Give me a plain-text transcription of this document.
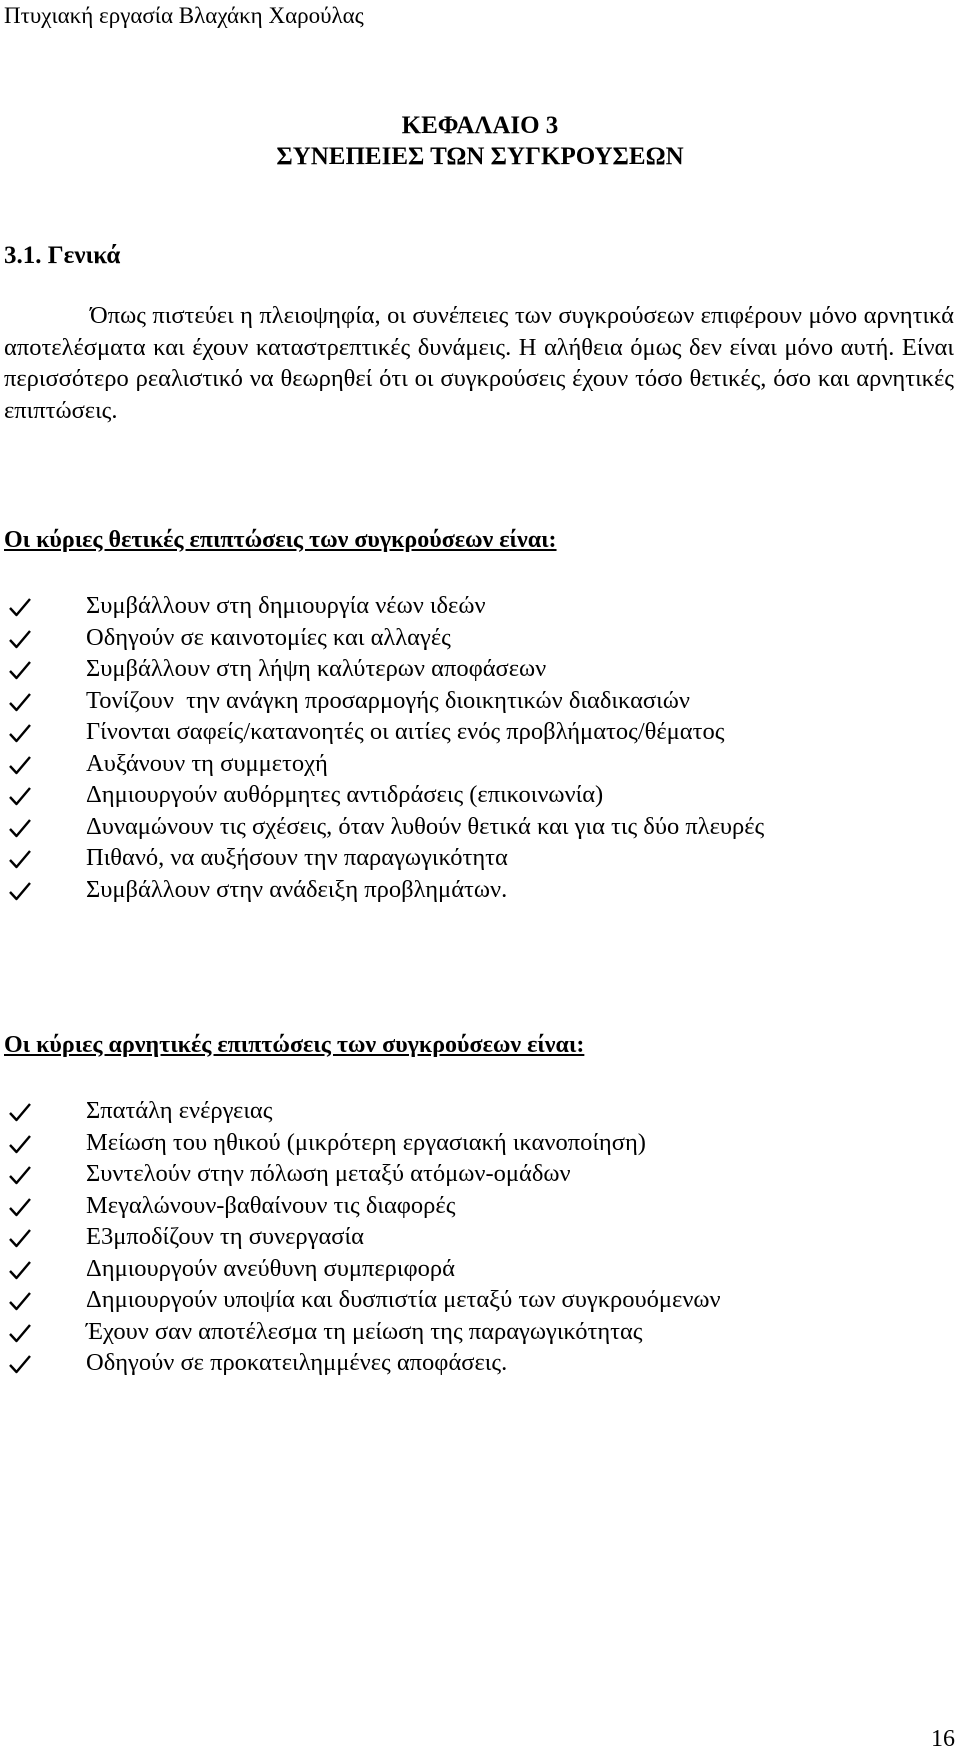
Πτυχιακή εργασία Βλαχάκη Χαρούλας
ΚΕΦΑΛΑΙΟ 3
ΣΥΝΕΠΕΙΕΣ ΤΩΝ ΣΥΓΚΡΟΥΣΕΩΝ
3.1. Γενικά

Όπως πιστεύει η πλειοψηφία, οι συνέπειες των συγκρούσεων επιφέρουν μόνο αρνητικά αποτελέσματα και έχουν καταστρεπτικές δυνάμεις. Η αλήθεια όμως δεν είναι μόνο αυτή. Είναι περισσότερο ρεαλιστικό να θεωρηθεί ότι οι συγκρούσεις έχουν τόσο θετικές, όσο και αρνητικές επιπτώσεις.

Οι κύριες θετικές επιπτώσεις των συγκρούσεων είναι:
Συμβάλλουν στη δημιουργία νέων ιδεών
Οδηγούν σε καινοτομίες και αλλαγές
Συμβάλλουν στη λήψη καλύτερων αποφάσεων
Τονίζουν  την ανάγκη προσαρμογής διοικητικών διαδικασιών
Γίνονται σαφείς/κατανοητές οι αιτίες ενός προβλήματος/θέματος
Αυξάνουν τη συμμετοχή
Δημιουργούν αυθόρμητες αντιδράσεις (επικοινωνία)
Δυναμώνουν τις σχέσεις, όταν λυθούν θετικά και για τις δύο πλευρές
Πιθανό, να αυξήσουν την παραγωγικότητα
Συμβάλλουν στην ανάδειξη προβλημάτων.
Οι κύριες αρνητικές επιπτώσεις των συγκρούσεων είναι:
Σπατάλη ενέργειας
Μείωση του ηθικού (μικρότερη εργασιακή ικανοποίηση)
Συντελούν στην πόλωση μεταξύ ατόμων-ομάδων
Μεγαλώνουν-βαθαίνουν τις διαφορές
Ε3μποδίζουν τη συνεργασία
Δημιουργούν ανεύθυνη συμπεριφορά
Δημιουργούν υποψία και δυσπιστία μεταξύ των συγκρουόμενων
Έχουν σαν αποτέλεσμα τη μείωση της παραγωγικότητας
Οδηγούν σε προκατειλημμένες αποφάσεις.
16
